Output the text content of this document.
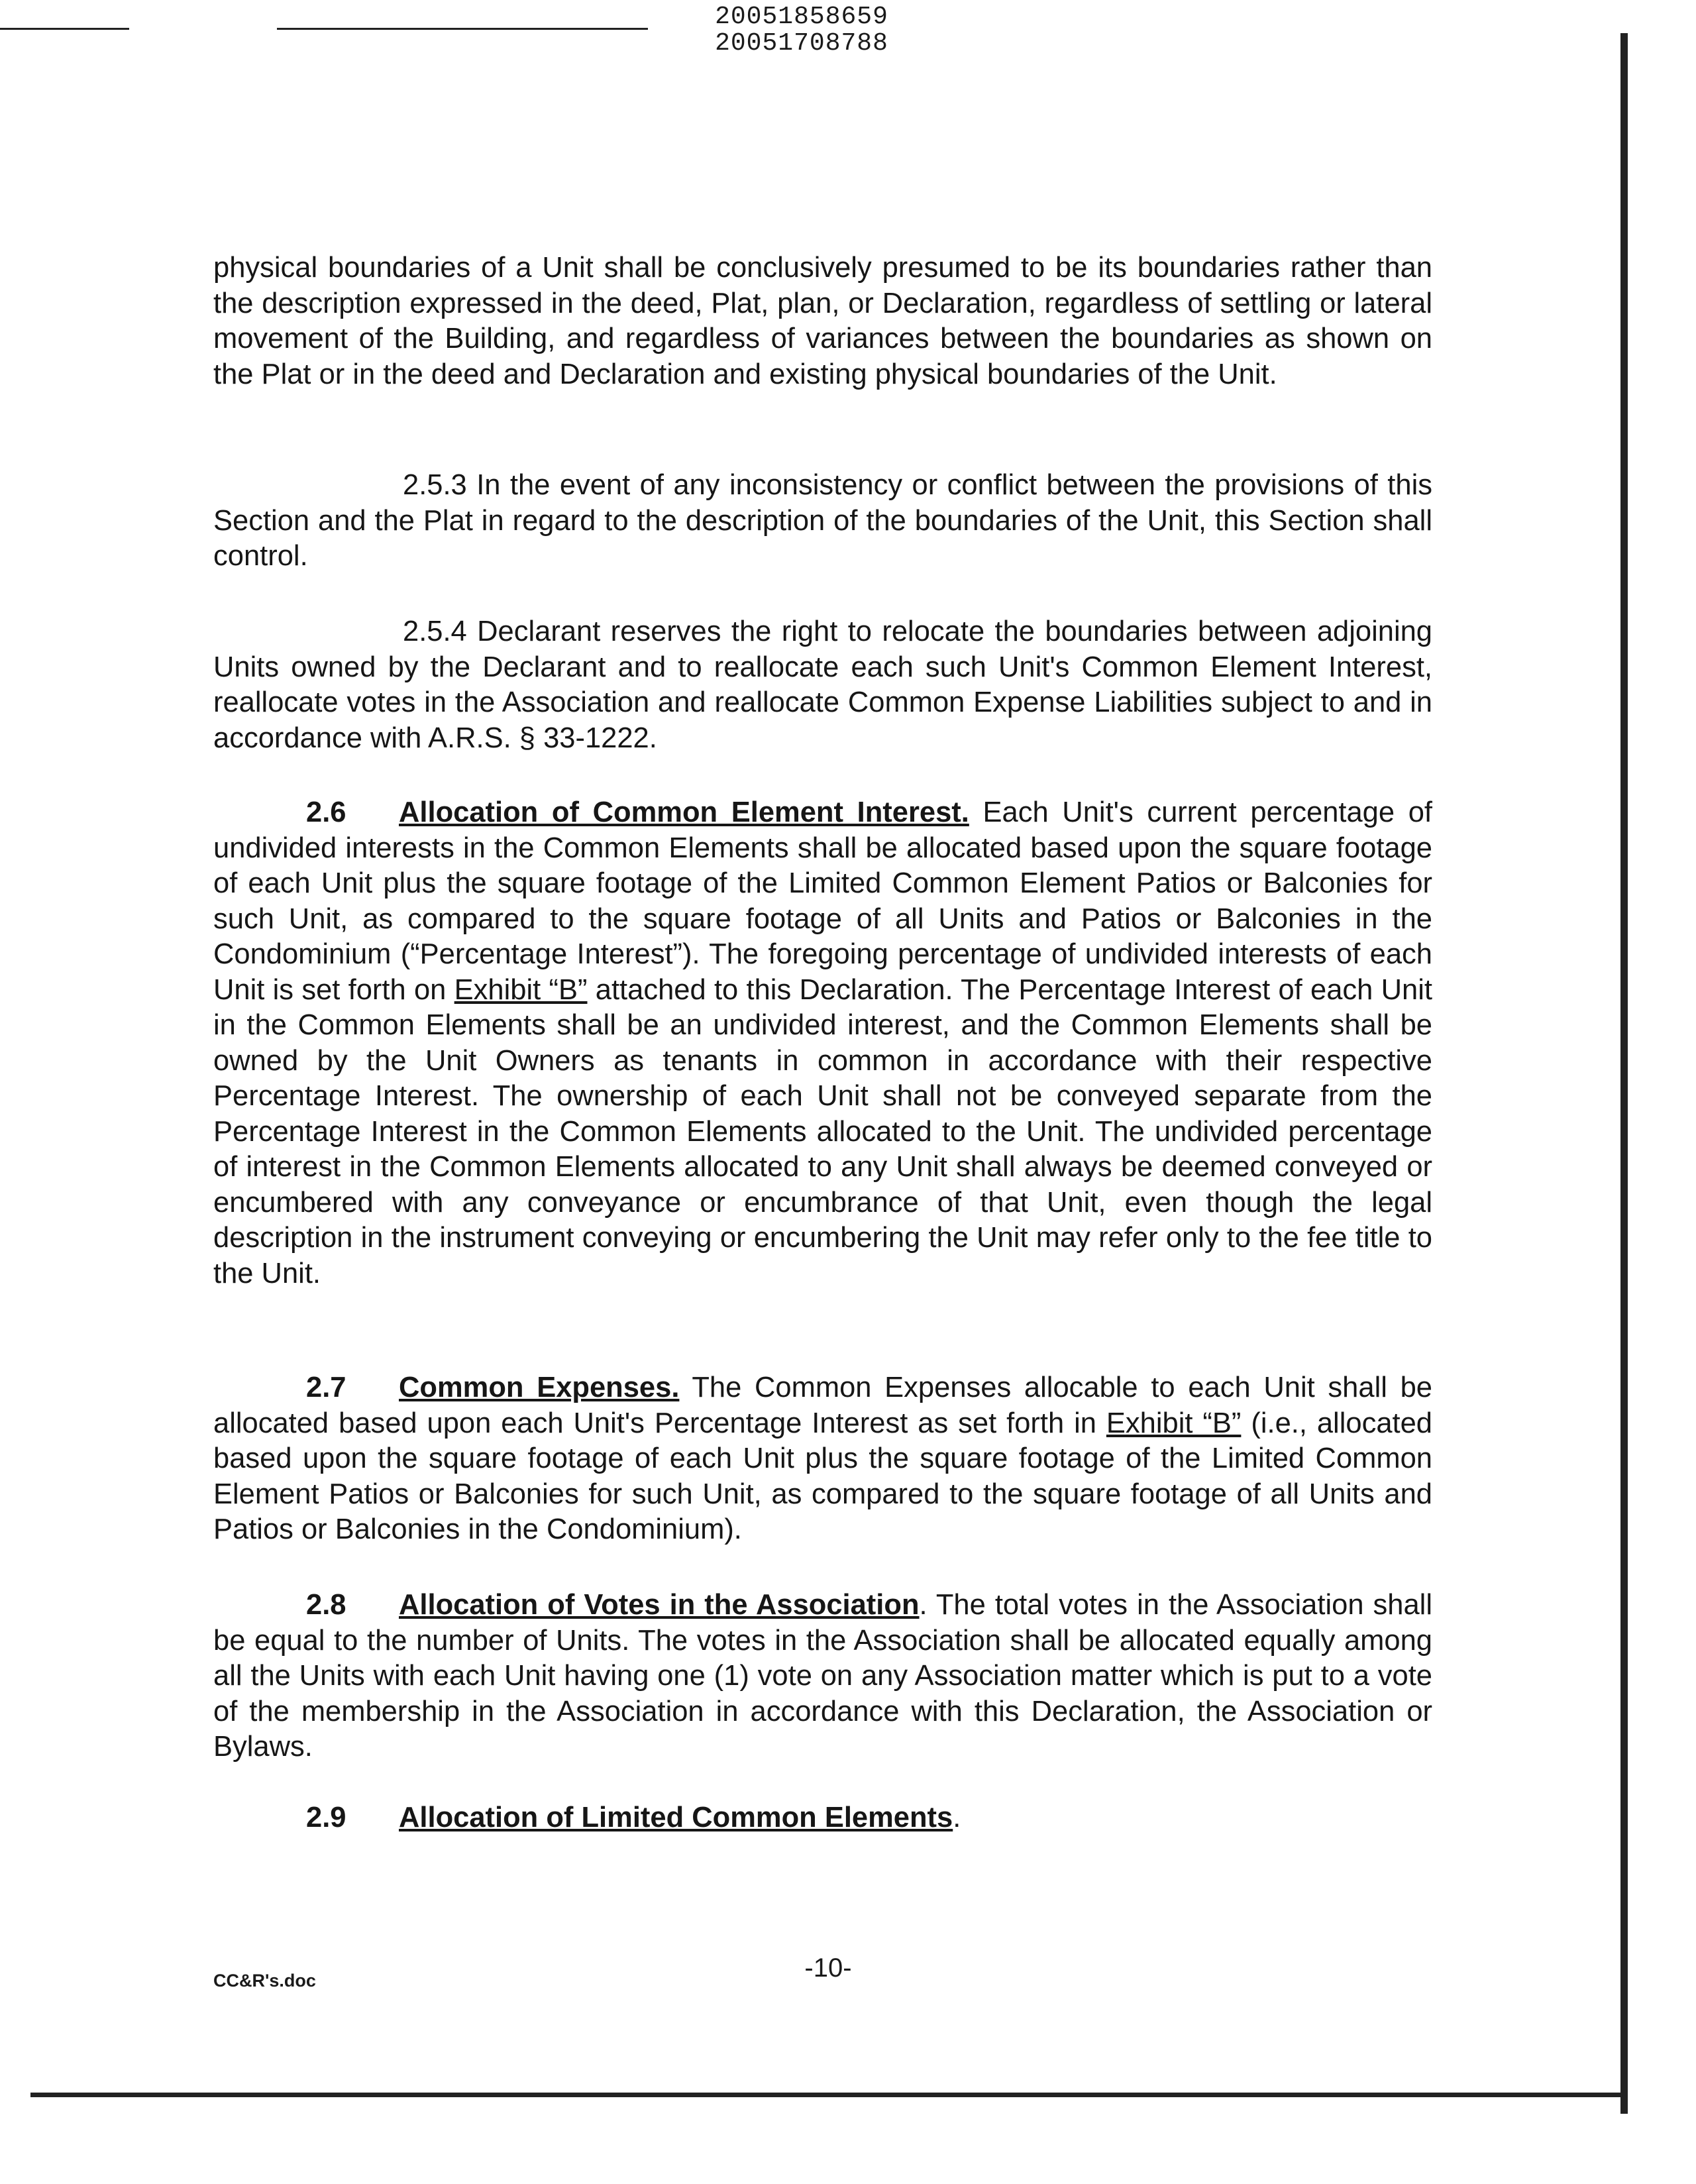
20051858659
20051708788

physical boundaries of a Unit shall be conclusively presumed to be its boundaries rather than the description expressed in the deed, Plat, plan, or Declaration, regardless of settling or lateral movement of the Building, and regardless of variances between the boundaries as shown on the Plat or in the deed and Declaration and existing physical boundaries of the Unit.

2.5.3 In the event of any inconsistency or conflict between the provisions of this Section and the Plat in regard to the description of the boundaries of the Unit, this Section shall control.

2.5.4 Declarant reserves the right to relocate the boundaries between adjoining Units owned by the Declarant and to reallocate each such Unit's Common Element Interest, reallocate votes in the Association and reallocate Common Expense Liabilities subject to and in accordance with A.R.S. § 33-1222.

2.6 Allocation of Common Element Interest. Each Unit's current percentage of undivided interests in the Common Elements shall be allocated based upon the square footage of each Unit plus the square footage of the Limited Common Element Patios or Balconies for such Unit, as compared to the square footage of all Units and Patios or Balconies in the Condominium (“Percentage Interest”). The foregoing percentage of undivided interests of each Unit is set forth on Exhibit “B” attached to this Declaration. The Percentage Interest of each Unit in the Common Elements shall be an undivided interest, and the Common Elements shall be owned by the Unit Owners as tenants in common in accordance with their respective Percentage Interest. The ownership of each Unit shall not be conveyed separate from the Percentage Interest in the Common Elements allocated to the Unit. The undivided percentage of interest in the Common Elements allocated to any Unit shall always be deemed conveyed or encumbered with any conveyance or encumbrance of that Unit, even though the legal description in the instrument conveying or encumbering the Unit may refer only to the fee title to the Unit.

2.7 Common Expenses. The Common Expenses allocable to each Unit shall be allocated based upon each Unit's Percentage Interest as set forth in Exhibit “B” (i.e., allocated based upon the square footage of each Unit plus the square footage of the Limited Common Element Patios or Balconies for such Unit, as compared to the square footage of all Units and Patios or Balconies in the Condominium).

2.8 Allocation of Votes in the Association. The total votes in the Association shall be equal to the number of Units. The votes in the Association shall be allocated equally among all the Units with each Unit having one (1) vote on any Association matter which is put to a vote of the membership in the Association in accordance with this Declaration, the Association or Bylaws.

2.9 Allocation of Limited Common Elements.

CC&R's.doc	-10-
